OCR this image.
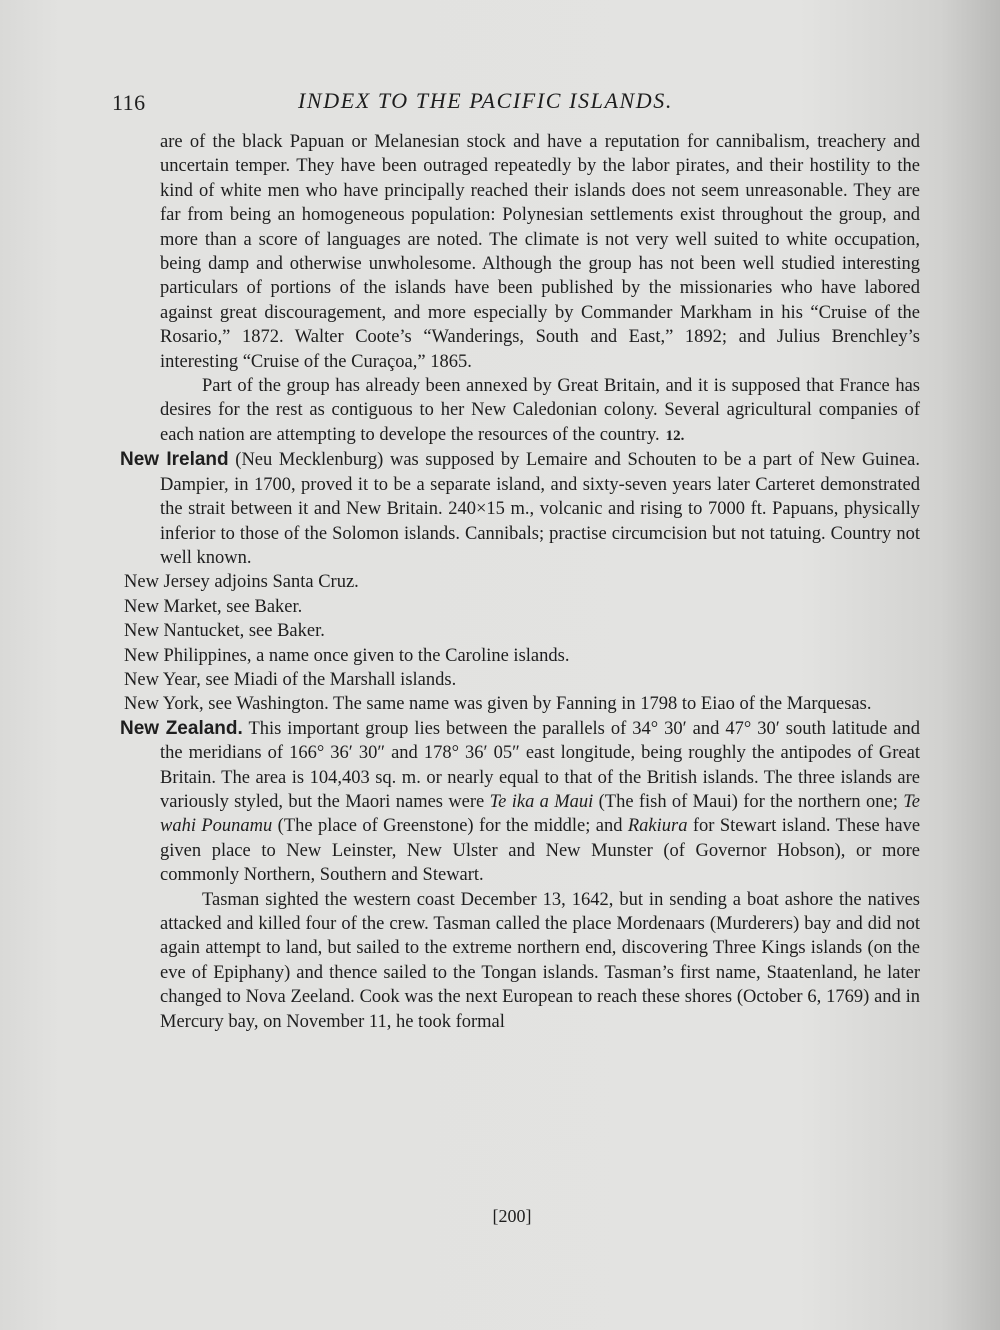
116	INDEX TO THE PACIFIC ISLANDS.

are of the black Papuan or Melanesian stock and have a reputation for cannibalism, treachery and uncertain temper. They have been outraged repeatedly by the labor pirates, and their hostility to the kind of white men who have principally reached their islands does not seem unreasonable. They are far from being an homogeneous population: Polynesian settlements exist throughout the group, and more than a score of languages are noted. The climate is not very well suited to white occupation, being damp and otherwise unwholesome. Although the group has not been well studied interesting particulars of portions of the islands have been published by the missionaries who have labored against great discouragement, and more especially by Commander Markham in his “Cruise of the Rosario,” 1872. Walter Coote’s “Wanderings, South and East,” 1892; and Julius Brenchley’s interesting “Cruise of the Curaçoa,” 1865.

Part of the group has already been annexed by Great Britain, and it is supposed that France has desires for the rest as contiguous to her New Caledonian colony. Several agricultural companies of each nation are attempting to develope the resources of the country. 12.

New Ireland (Neu Mecklenburg) was supposed by Lemaire and Schouten to be a part of New Guinea. Dampier, in 1700, proved it to be a separate island, and sixty-seven years later Carteret demonstrated the strait between it and New Britain. 240×15 m., volcanic and rising to 7000 ft. Papuans, physically inferior to those of the Solomon islands. Cannibals; practise circumcision but not tatuing. Country not well known.

New Jersey adjoins Santa Cruz.

New Market, see Baker.

New Nantucket, see Baker.

New Philippines, a name once given to the Caroline islands.

New Year, see Miadi of the Marshall islands.

New York, see Washington. The same name was given by Fanning in 1798 to Eiao of the Marquesas.

New Zealand. This important group lies between the parallels of 34° 30′ and 47° 30′ south latitude and the meridians of 166° 36′ 30″ and 178° 36′ 05″ east longitude, being roughly the antipodes of Great Britain. The area is 104,403 sq. m. or nearly equal to that of the British islands. The three islands are variously styled, but the Maori names were Te ika a Maui (The fish of Maui) for the northern one; Te wahi Pounamu (The place of Greenstone) for the middle; and Rakiura for Stewart island. These have given place to New Leinster, New Ulster and New Munster (of Governor Hobson), or more commonly Northern, Southern and Stewart.

Tasman sighted the western coast December 13, 1642, but in sending a boat ashore the natives attacked and killed four of the crew. Tasman called the place Mordenaars (Murderers) bay and did not again attempt to land, but sailed to the extreme northern end, discovering Three Kings islands (on the eve of Epiphany) and thence sailed to the Tongan islands. Tasman’s first name, Staatenland, he later changed to Nova Zeeland. Cook was the next European to reach these shores (October 6, 1769) and in Mercury bay, on November 11, he took formal

[200]
